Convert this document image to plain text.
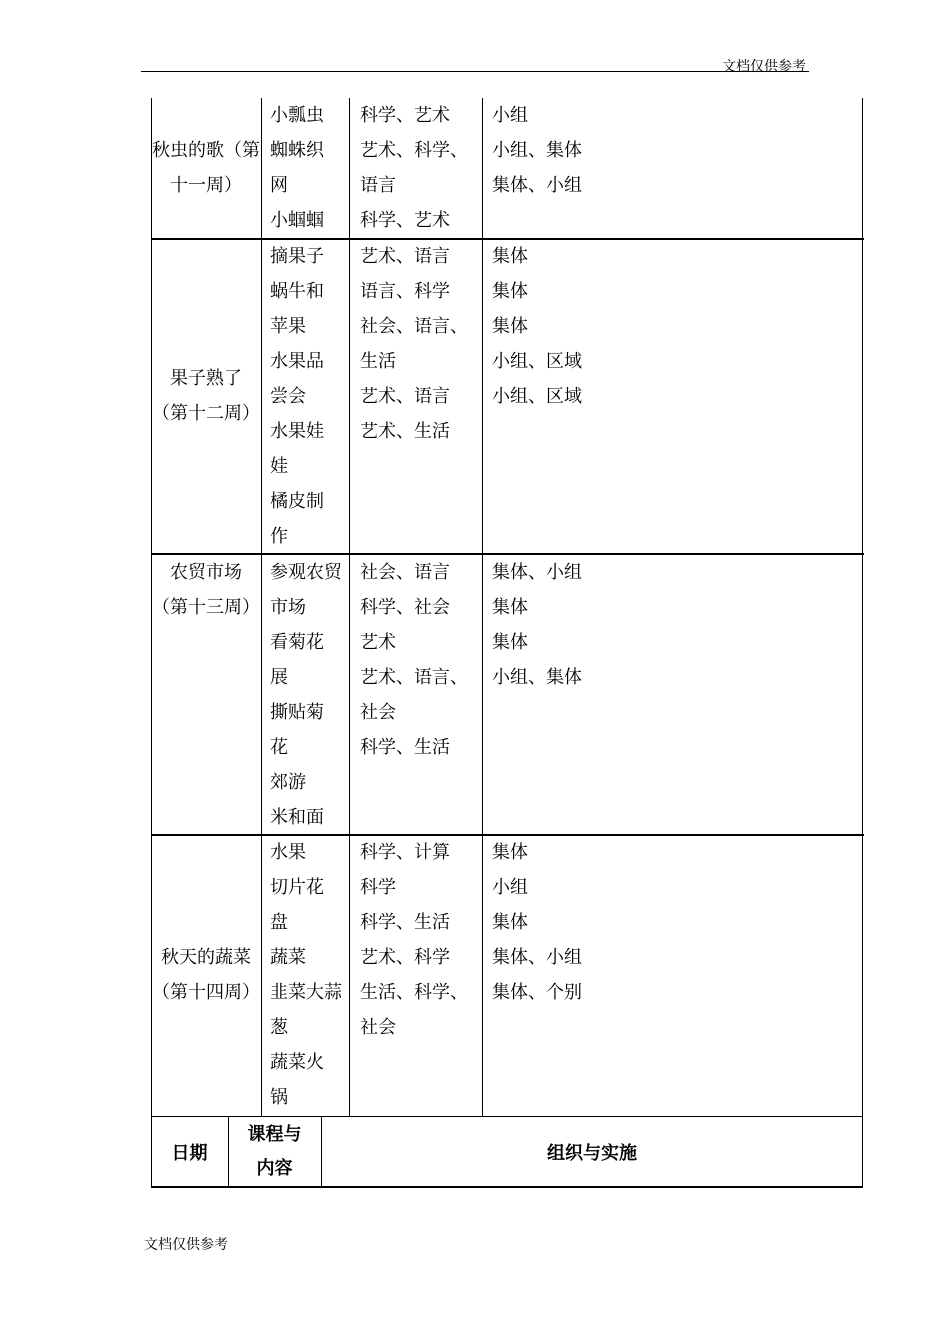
文档仅供参考
秋虫的歌（第
十一周）
小瓢虫
蜘蛛织
网
小蝈蝈
科学、艺术
艺术、科学、
语言
科学、艺术
小组
小组、集体
集体、小组
果子熟了
（第十二周）
摘果子
蜗牛和
苹果
水果品
尝会
水果娃
娃
橘皮制
作
艺术、语言
语言、科学
社会、语言、
生活
艺术、语言
艺术、生活
集体
集体
集体
小组、区域
小组、区域
农贸市场
（第十三周）
参观农贸
市场
看菊花
展
撕贴菊
花
郊游
米和面
社会、语言
科学、社会
艺术
艺术、语言、
社会
科学、生活
集体、小组
集体
集体
小组、集体
秋天的蔬菜
（第十四周）
水果
切片花
盘
蔬菜
韭菜大蒜
葱
蔬菜火
锅
科学、计算
科学
科学、生活
艺术、科学
生活、科学、
社会
集体
小组
集体
集体、小组
集体、个别
日期
课程与
内容
组织与实施
文档仅供参考
